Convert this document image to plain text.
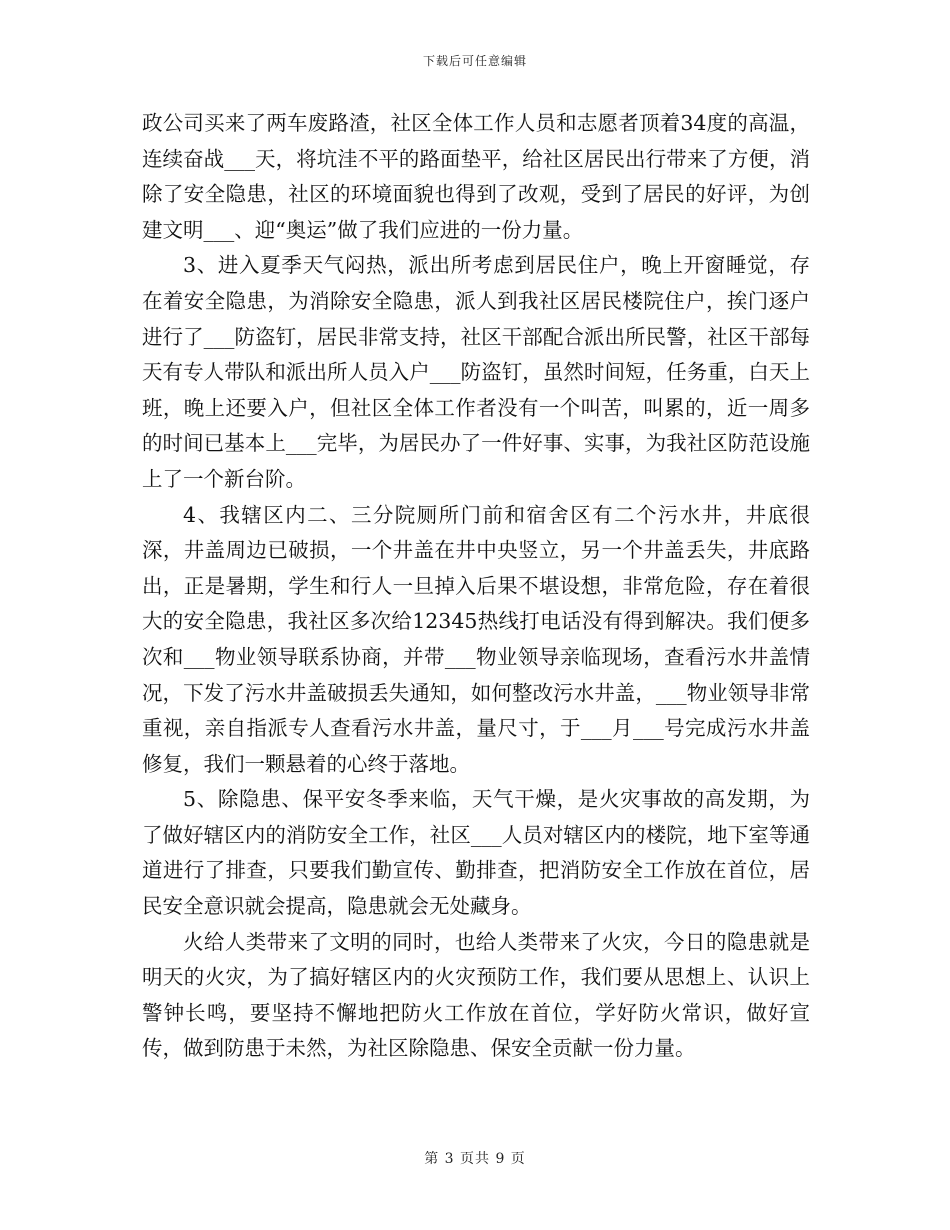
下载后可任意编辑

政公司买来了两车废路渣，社区全体工作人员和志愿者顶着34度的高温，连续奋战___天，将坑洼不平的路面垫平，给社区居民出行带来了方便，消除了安全隐患，社区的环境面貌也得到了改观，受到了居民的好评，为创建文明___、迎“奥运”做了我们应进的一份力量。

3、进入夏季天气闷热，派出所考虑到居民住户，晚上开窗睡觉，存在着安全隐患，为消除安全隐患，派人到我社区居民楼院住户，挨门逐户进行了___防盗钉，居民非常支持，社区干部配合派出所民警，社区干部每天有专人带队和派出所人员入户___防盗钉，虽然时间短，任务重，白天上班，晚上还要入户，但社区全体工作者没有一个叫苦，叫累的，近一周多的时间已基本上___完毕，为居民办了一件好事、实事，为我社区防范设施上了一个新台阶。

4、我辖区内二、三分院厕所门前和宿舍区有二个污水井，井底很深，井盖周边已破损，一个井盖在井中央竖立，另一个井盖丢失，井底路出，正是暑期，学生和行人一旦掉入后果不堪设想，非常危险，存在着很大的安全隐患，我社区多次给12345热线打电话没有得到解决。我们便多次和___物业领导联系协商，并带___物业领导亲临现场，查看污水井盖情况，下发了污水井盖破损丢失通知，如何整改污水井盖，___物业领导非常重视，亲自指派专人查看污水井盖，量尺寸，于___月___号完成污水井盖修复，我们一颗悬着的心终于落地。

5、除隐患、保平安冬季来临，天气干燥，是火灾事故的高发期，为了做好辖区内的消防安全工作，社区___人员对辖区内的楼院，地下室等通道进行了排查，只要我们勤宣传、勤排查，把消防安全工作放在首位，居民安全意识就会提高，隐患就会无处藏身。

火给人类带来了文明的同时，也给人类带来了火灾，今日的隐患就是明天的火灾，为了搞好辖区内的火灾预防工作，我们要从思想上、认识上警钟长鸣，要坚持不懈地把防火工作放在首位，学好防火常识，做好宣传，做到防患于未然，为社区除隐患、保安全贡献一份力量。

第 3 页共 9 页
